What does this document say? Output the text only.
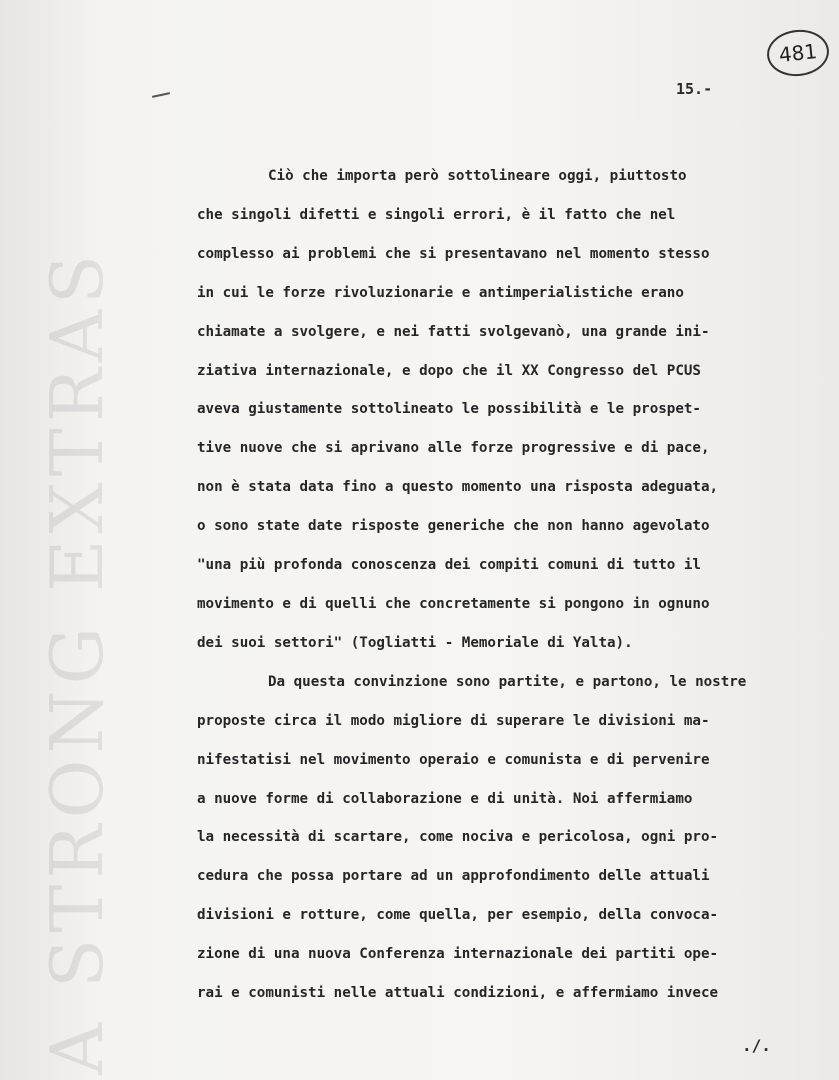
A STRONG EXTRAS
481
15.-
Ciò che importa però sottolineare oggi, piuttosto
che singoli difetti e singoli errori, è il fatto che nel
complesso ai problemi che si presentavano nel momento stesso
in cui le forze rivoluzionarie e antimperialistiche erano
chiamate a svolgere, e nei fatti svolgevanò, una grande ini-
ziativa internazionale, e dopo che il XX Congresso del PCUS
aveva giustamente sottolineato le possibilità e le prospet-
tive nuove che si aprivano alle forze progressive e di pace,
non è stata data fino a questo momento una risposta adeguata,
o sono state date risposte generiche che non hanno agevolato
"una più profonda conoscenza dei compiti comuni di tutto il
movimento e di quelli che concretamente si pongono in ognuno
dei suoi settori" (Togliatti - Memoriale di Yalta).
Da questa convinzione sono partite, e partono, le nostre
proposte circa il modo migliore di superare le divisioni ma-
nifestatisi nel movimento operaio e comunista e di pervenire
a nuove forme di collaborazione e di unità. Noi affermiamo
la necessità di scartare, come nociva e pericolosa, ogni pro-
cedura che possa portare ad un approfondimento delle attuali
divisioni e rotture, come quella, per esempio, della convoca-
zione di una nuova Conferenza internazionale dei partiti ope-
rai e comunisti nelle attuali condizioni, e affermiamo invece
./.
